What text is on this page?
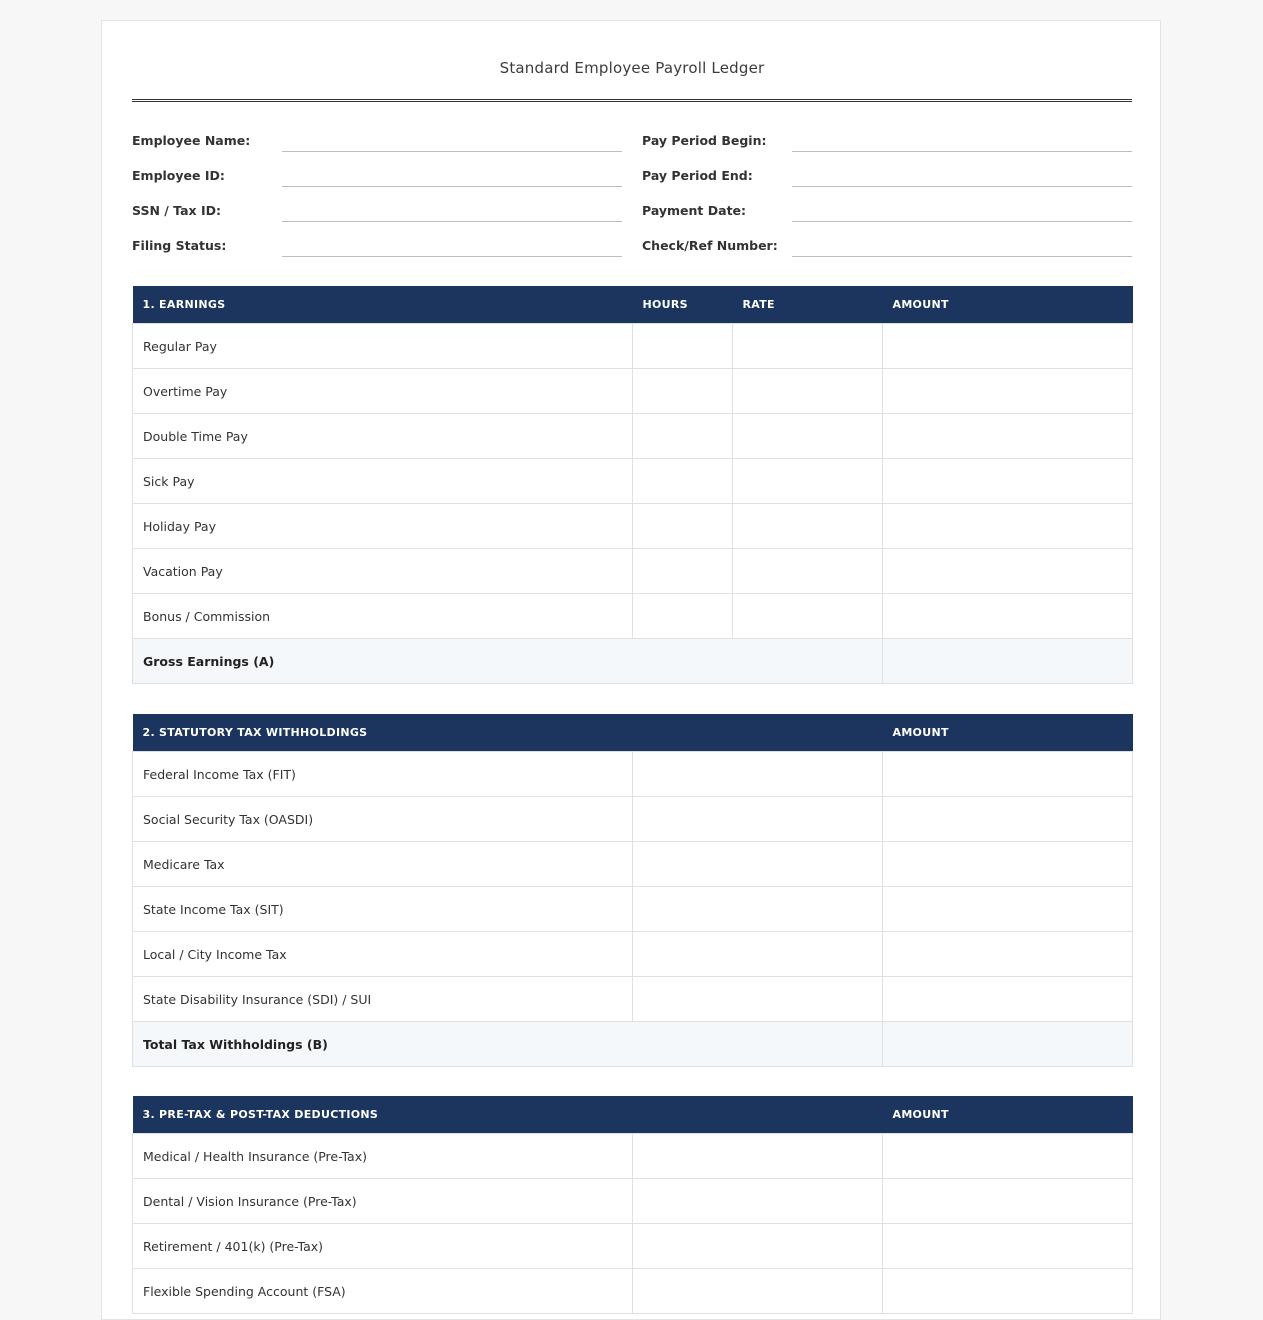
Standard Employee Payroll Ledger
Employee Name:
Employee ID:
SSN / Tax ID:
Filing Status:
Pay Period Begin:
Pay Period End:
Payment Date:
Check/Ref Number:
1. EARNINGS	HOURS	RATE	AMOUNT
Regular Pay			
Overtime Pay			
Double Time Pay			
Sick Pay			
Holiday Pay			
Vacation Pay			
Bonus / Commission			
Gross Earnings (A)			
2. STATUTORY TAX WITHHOLDINGS		AMOUNT
Federal Income Tax (FIT)		
Social Security Tax (OASDI)		
Medicare Tax		
State Income Tax (SIT)		
Local / City Income Tax		
State Disability Insurance (SDI) / SUI		
Total Tax Withholdings (B)		
3. PRE-TAX & POST-TAX DEDUCTIONS		AMOUNT
Medical / Health Insurance (Pre-Tax)		
Dental / Vision Insurance (Pre-Tax)		
Retirement / 401(k) (Pre-Tax)		
Flexible Spending Account (FSA)		
